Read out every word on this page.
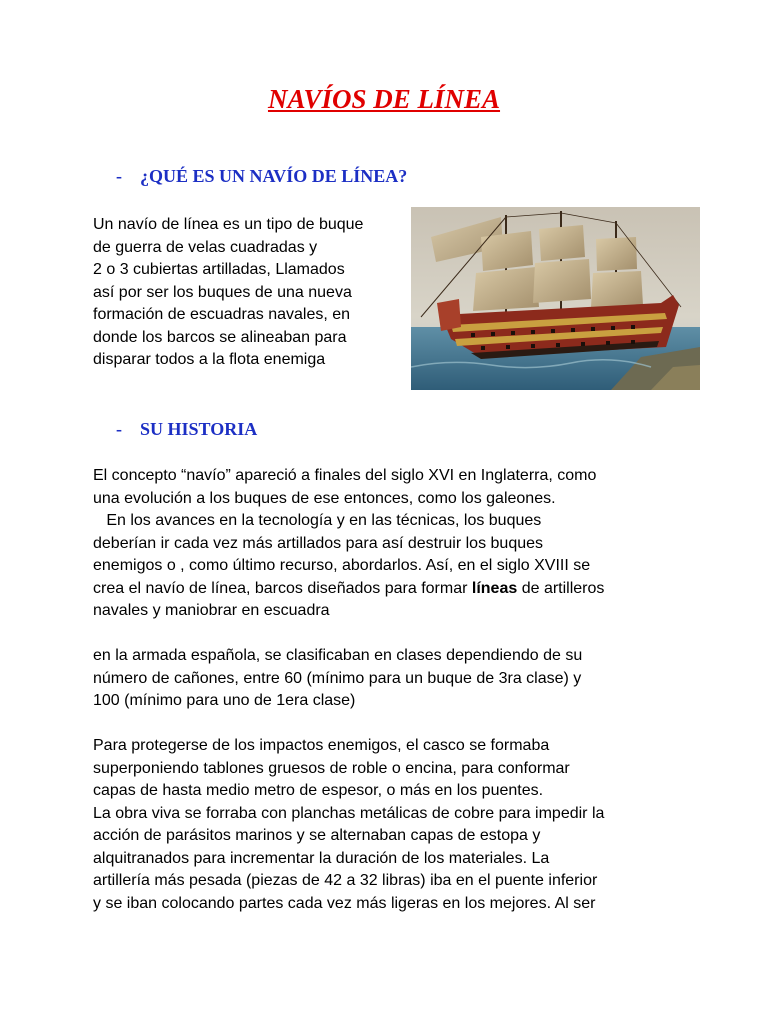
NAVÍOS DE LÍNEA
- ¿QUÉ ES UN NAVÍO DE LÍNEA?
Un navío de línea es un tipo de buque
de guerra de velas cuadradas y
2 o 3 cubiertas artilladas, Llamados
así por ser los buques de una nueva
formación de escuadras navales, en
donde los barcos se alineaban para
disparar todos a la flota enemiga
- SU HISTORIA
El concepto “navío” apareció a finales del siglo XVI en Inglaterra, como
una evolución a los buques de ese entonces, como los galeones.
En los avances en la tecnología y en las técnicas, los buques
deberían ir cada vez más artillados para así destruir los buques
enemigos o , como último recurso, abordarlos. Así, en el siglo XVIII se
crea el navío de línea, barcos diseñados para formar líneas de artilleros
navales y maniobrar en escuadra
en la armada española, se clasificaban en clases dependiendo de su
número de cañones, entre 60 (mínimo para un buque de 3ra clase) y
100 (mínimo para uno de 1era clase)
Para protegerse de los impactos enemigos, el casco se formaba
superponiendo tablones gruesos de roble o encina, para conformar
capas de hasta medio metro de espesor, o más en los puentes.
La obra viva se forraba con planchas metálicas de cobre para impedir la
acción de parásitos marinos y se alternaban capas de estopa y
alquitranados para incrementar la duración de los materiales. La
artillería más pesada (piezas de 42 a 32 libras) iba en el puente inferior
y se iban colocando partes cada vez más ligeras en los mejores. Al ser
